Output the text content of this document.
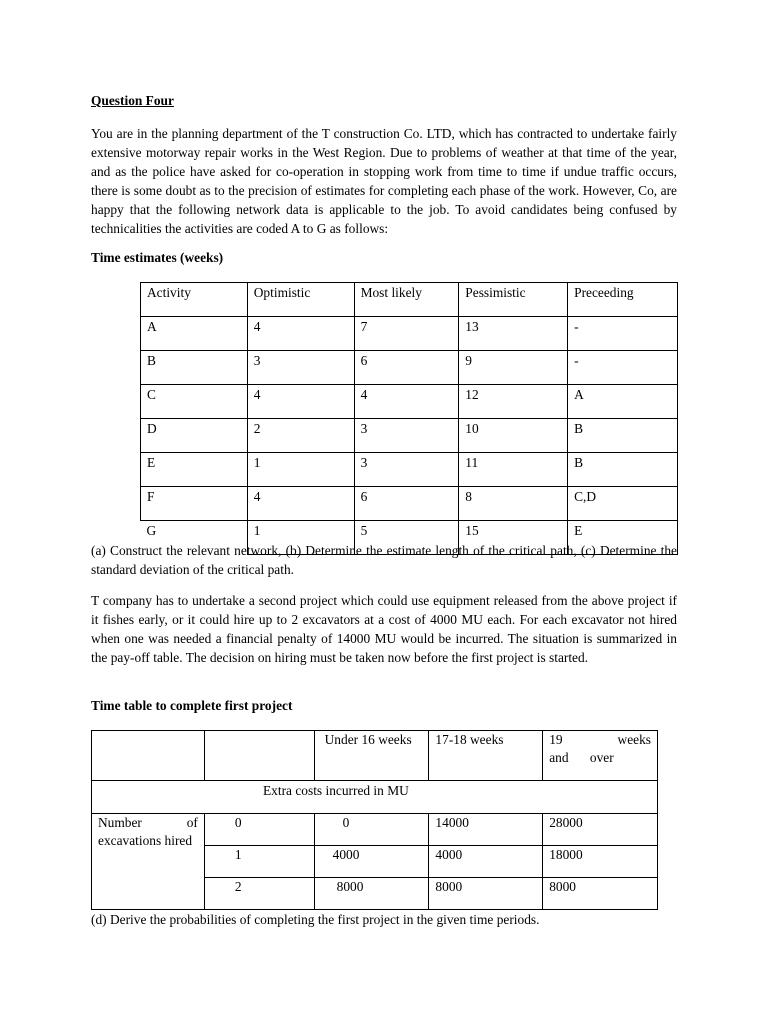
Question Four
You are in the planning department of the T construction Co. LTD, which has contracted to undertake fairly extensive motorway repair works in the West Region. Due to problems of weather at that time of the year, and as the police have asked for co-operation in stopping work from time to time if undue traffic occurs, there is some doubt as to the precision of estimates for completing each phase of the work. However, Co, are happy that the following network data is applicable to the job. To avoid candidates being confused by technicalities the activities are coded A to G as follows:
Time estimates (weeks)
Activity	Optimistic	Most likely	Pessimistic	Preceeding
A	4	7	13	-
B	3	6	9	-
C	4	4	12	A
D	2	3	10	B
E	1	3	11	B
F	4	6	8	C,D
G	1	5	15	E
(a) Construct the relevant network, (b) Determine the estimate length of the critical path, (c) Determine the standard deviation of the critical path.
T company has to undertake a second project which could use equipment released from the above project if it fishes early, or it could hire up to 2 excavators at a cost of 4000 MU each. For each excavator not hired when one was needed a financial penalty of 14000 MU would be incurred. The situation is summarized in the pay-off table. The decision on hiring must be taken now before the first project is started.
Time table to complete first project
		Under 16 weeks	17-18 weeks	19 weeks and over
Extra costs incurred in MU				
Number of excavations hired	0	0	14000	28000
	1	4000	4000	18000
	2	8000	8000	8000
(d) Derive the probabilities of completing the first project in the given time periods.
